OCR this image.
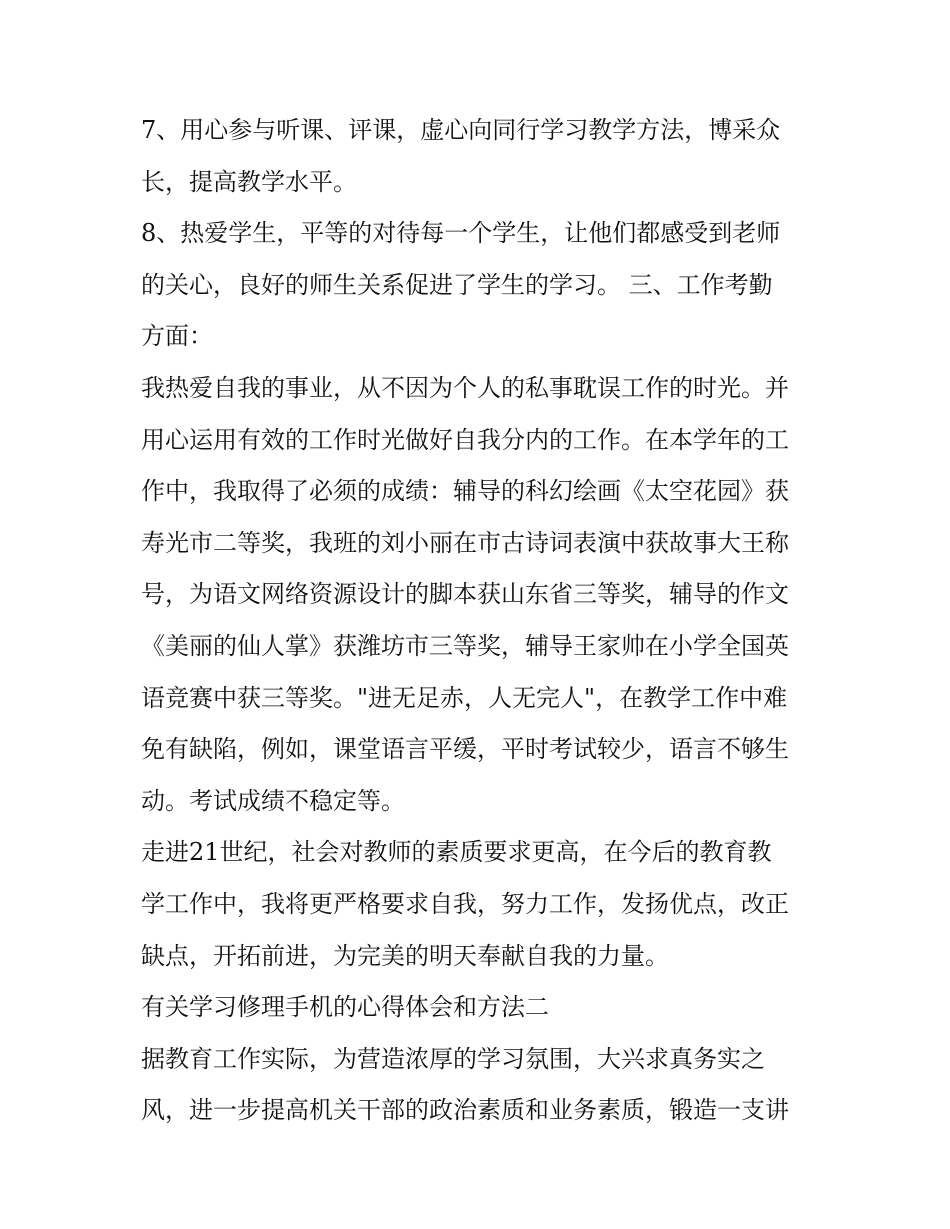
7、用心参与听课、评课，虚心向同行学习教学方法，博采众
长，提高教学水平。
8、热爱学生，平等的对待每一个学生，让他们都感受到老师
的关心，良好的师生关系促进了学生的学习。 三、工作考勤
方面：
我热爱自我的事业，从不因为个人的私事耽误工作的时光。并
用心运用有效的工作时光做好自我分内的工作。在本学年的工
作中，我取得了必须的成绩：辅导的科幻绘画《太空花园》获
寿光市二等奖，我班的刘小丽在市古诗词表演中获故事大王称
号，为语文网络资源设计的脚本获山东省三等奖，辅导的作文
《美丽的仙人掌》获潍坊市三等奖，辅导王家帅在小学全国英
语竞赛中获三等奖。"进无足赤，人无完人"，在教学工作中难
免有缺陷，例如，课堂语言平缓，平时考试较少，语言不够生
动。考试成绩不稳定等。
走进21世纪，社会对教师的素质要求更高，在今后的教育教
学工作中，我将更严格要求自我，努力工作，发扬优点，改正
缺点，开拓前进，为完美的明天奉献自我的力量。
有关学习修理手机的心得体会和方法二
据教育工作实际，为营造浓厚的学习氛围，大兴求真务实之
风，进一步提高机关干部的政治素质和业务素质，锻造一支讲
